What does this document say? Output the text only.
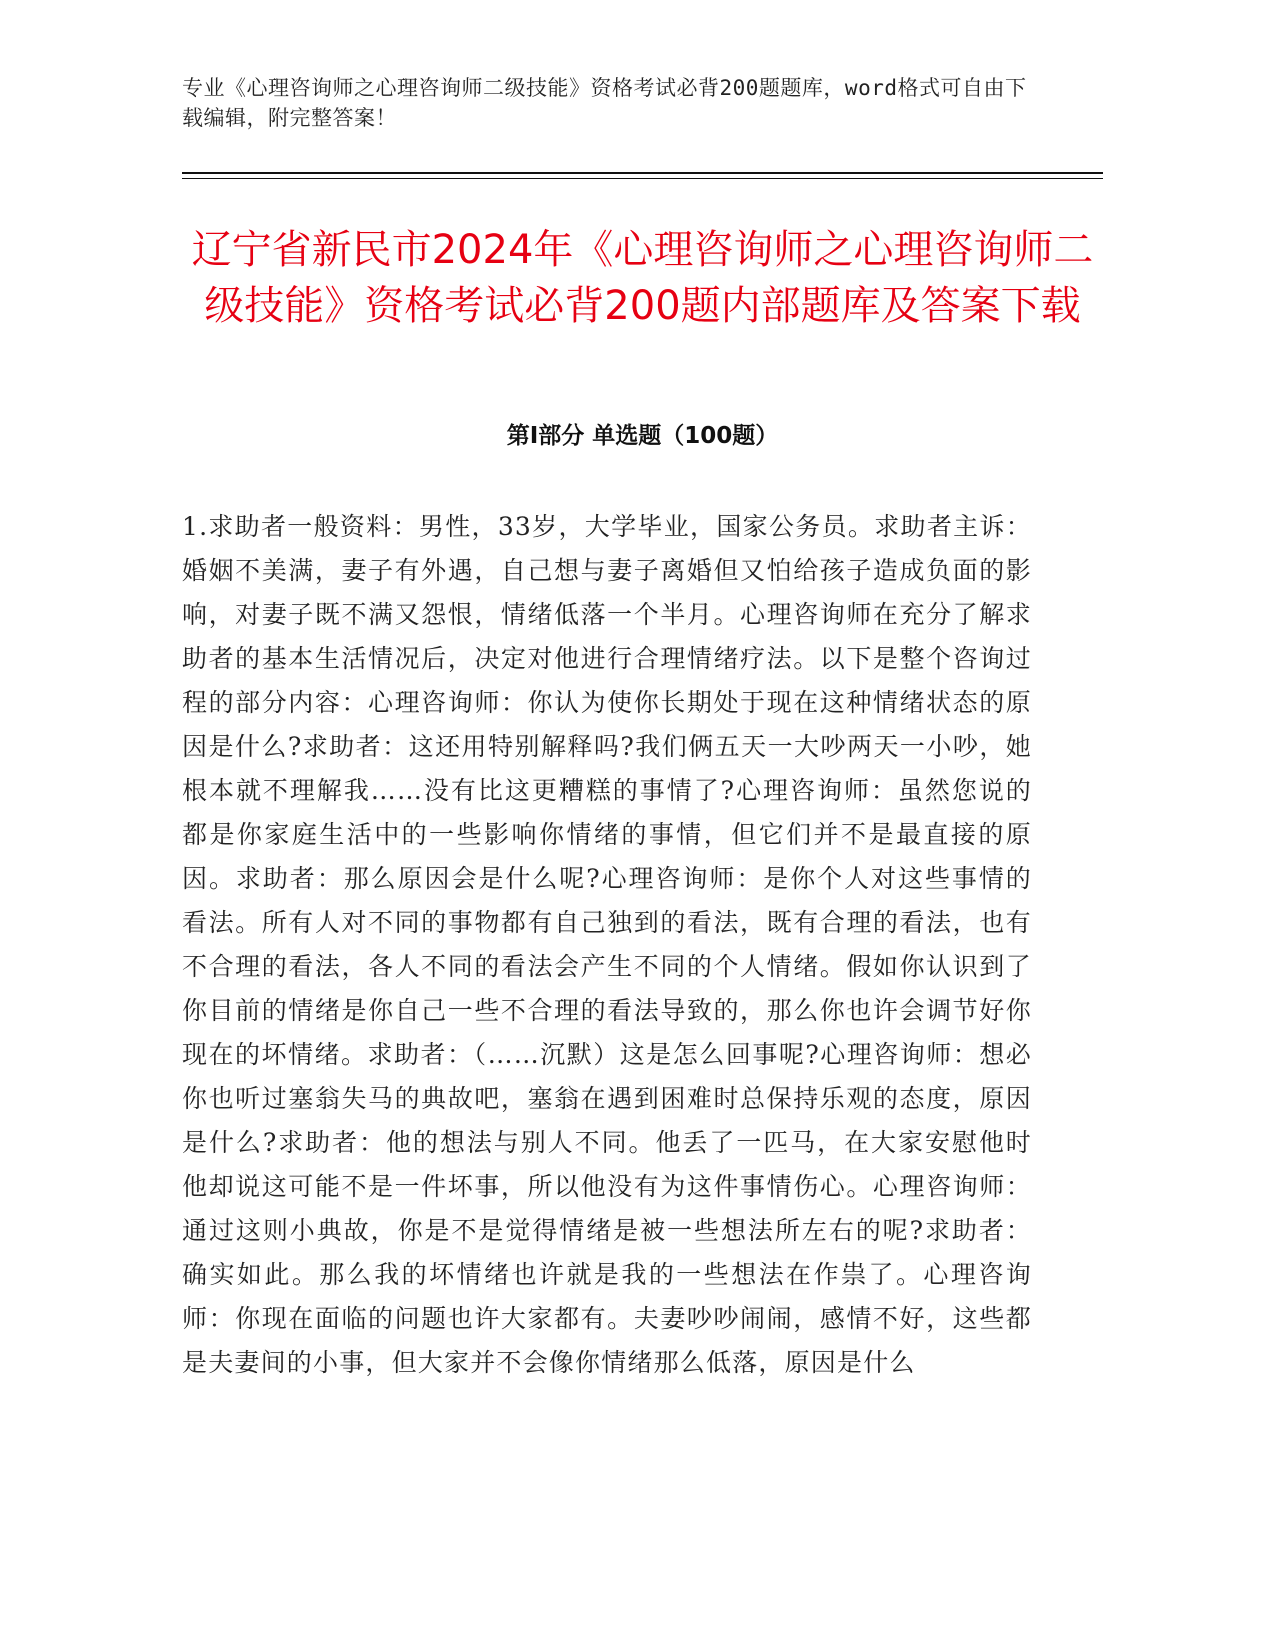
专业《心理咨询师之心理咨询师二级技能》资格考试必背200题题库，word格式可自由下载编辑，附完整答案！
辽宁省新民市2024年《心理咨询师之心理咨询师二级技能》资格考试必背200题内部题库及答案下载
第Ⅰ部分 单选题（100题）

1.求助者一般资料：男性，33岁，大学毕业，国家公务员。求助者主诉：婚姻不美满，妻子有外遇，自己想与妻子离婚但又怕给孩子造成负面的影响，对妻子既不满又怨恨，情绪低落一个半月。心理咨询师在充分了解求助者的基本生活情况后，决定对他进行合理情绪疗法。以下是整个咨询过程的部分内容：心理咨询师：你认为使你长期处于现在这种情绪状态的原因是什么?求助者：这还用特别解释吗?我们俩五天一大吵两天一小吵，她根本就不理解我……没有比这更糟糕的事情了?心理咨询师：虽然您说的都是你家庭生活中的一些影响你情绪的事情，但它们并不是最直接的原因。求助者：那么原因会是什么呢?心理咨询师：是你个人对这些事情的看法。所有人对不同的事物都有自己独到的看法，既有合理的看法，也有不合理的看法，各人不同的看法会产生不同的个人情绪。假如你认识到了你目前的情绪是你自己一些不合理的看法导致的，那么你也许会调节好你现在的坏情绪。求助者：（……沉默）这是怎么回事呢?心理咨询师：想必你也听过塞翁失马的典故吧，塞翁在遇到困难时总保持乐观的态度，原因是什么?求助者：他的想法与别人不同。他丢了一匹马，在大家安慰他时他却说这可能不是一件坏事，所以他没有为这件事情伤心。心理咨询师：通过这则小典故，你是不是觉得情绪是被一些想法所左右的呢?求助者：确实如此。那么我的坏情绪也许就是我的一些想法在作祟了。心理咨询师：你现在面临的问题也许大家都有。夫妻吵吵闹闹，感情不好，这些都是夫妻间的小事，但大家并不会像你情绪那么低落，原因是什么
